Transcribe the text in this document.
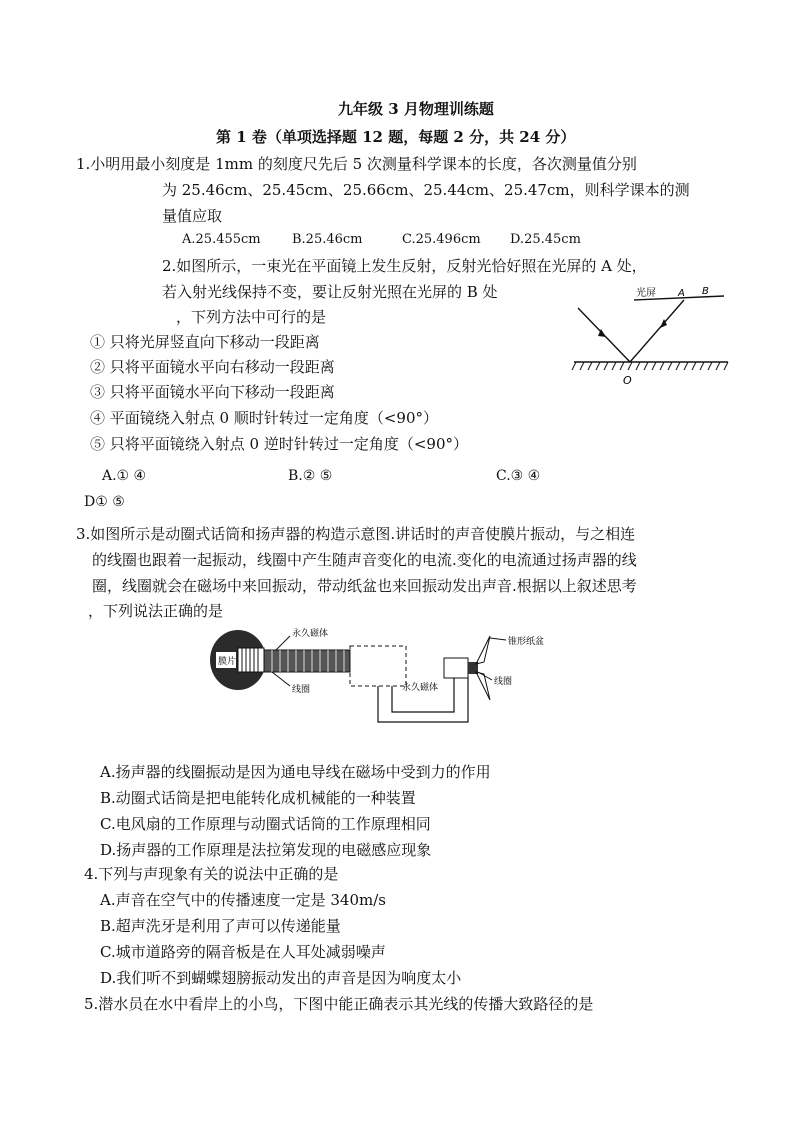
九年级 3 月物理训练题
第 1 卷（单项选择题 12 题，每题 2 分，共 24 分）
1.小明用最小刻度是 1mm 的刻度尺先后 5 次测量科学课本的长度，各次测量值分别
为 25.46cm、25.45cm、25.66cm、25.44cm、25.47cm，则科学课本的测
量值应取
A.25.455cm B.25.46cm	C.25.496cm D.25.45cm
2.如图所示，一束光在平面镜上发生反射，反射光恰好照在光屏的 A 处，
若入射光线保持不变，要让反射光照在光屏的 B 处
，下列方法中可行的是
光屏 A B
O
① 只将光屏竖直向下移动一段距离
② 只将平面镜水平向右移动一段距离
③ 只将平面镜水平向下移动一段距离
④ 平面镜绕入射点 0 顺时针转过一定角度（<90°）
⑤ 只将平面镜绕入射点 0 逆时针转过一定角度（<90°）
A.① ④	B.② ⑤	C.③ ④
D① ⑤
3.如图所示是动圈式话筒和扬声器的构造示意图.讲话时的声音使膜片振动，与之相连
的线圈也跟着一起振动，线圈中产生随声音变化的电流.变化的电流通过扬声器的线
圈，线圈就会在磁场中来回振动，带动纸盆也来回振动发出声音.根据以上叙述思考
，下列说法正确的是
膜片
永久磁体
线圈	永久磁体
线圈
锥形纸盆
A.扬声器的线圈振动是因为通电导线在磁场中受到力的作用
B.动圈式话筒是把电能转化成机械能的一种装置
C.电风扇的工作原理与动圈式话筒的工作原理相同
D.扬声器的工作原理是法拉第发现的电磁感应现象
4.下列与声现象有关的说法中正确的是
A.声音在空气中的传播速度一定是 340m/s
B.超声洗牙是利用了声可以传递能量
C.城市道路旁的隔音板是在人耳处减弱噪声
D.我们听不到蝴蝶翅膀振动发出的声音是因为响度太小
5.潜水员在水中看岸上的小鸟，下图中能正确表示其光线的传播大致路径的是
